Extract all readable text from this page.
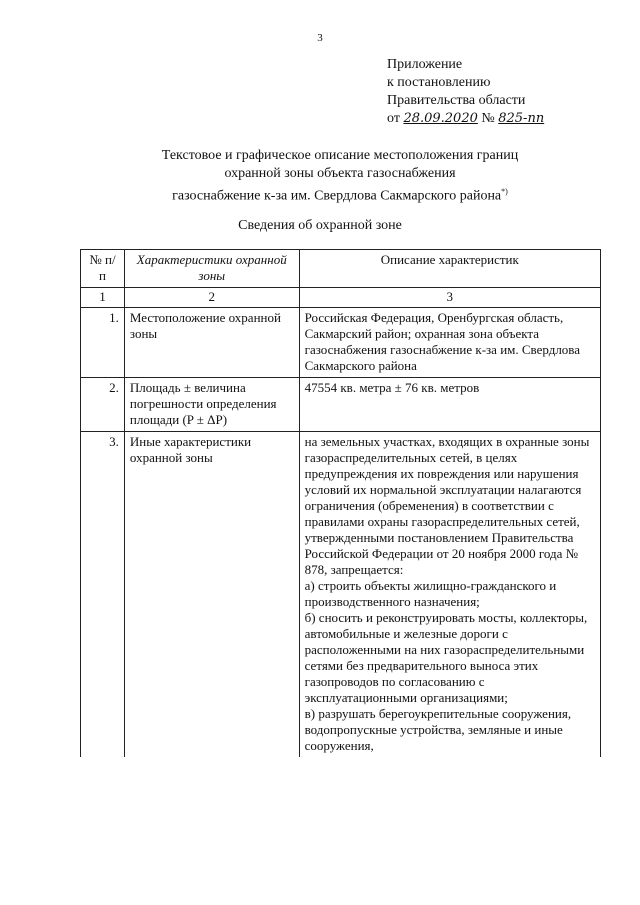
3
Приложение
к постановлению
Правительства области
от 28.09.2020 № 825-пп
Текстовое и графическое описание местоположения границ
охранной зоны объекта газоснабжения
газоснабжение к-за им. Свердлова Сакмарского района*)
Сведения об охранной зоне
№ п/п	Характеристики охранной зоны	Описание характеристик
1	2	3
1.	Местоположение охранной зоны	Российская Федерация, Оренбургская область, Сакмарский район; охранная зона объекта газоснабжения газоснабжение к-за им. Свердлова Сакмарского района
2.	Площадь ± величина погрешности определения площади (P ± ΔP)	47554 кв. метра ± 76 кв. метров
3.	Иные характеристики охранной зоны	на земельных участках, входящих в охранные зоны газораспределительных сетей, в целях предупреждения их повреждения или нарушения условий их нормальной эксплуатации налагаются ограничения (обременения) в соответствии с правилами охраны газораспределительных сетей, утвержденными постановлением Правительства Российской Федерации от 20 ноября 2000 года № 878, запрещается:

а) строить объекты жилищно-гражданского и производственного назначения;

б) сносить и реконструировать мосты, коллекторы, автомобильные и железные дороги с расположенными на них газораспределительными сетями без предварительного выноса этих газопроводов по согласованию с эксплуатационными организациями;

в) разрушать берегоукрепительные сооружения, водопропускные устройства, земляные и иные сооружения,
